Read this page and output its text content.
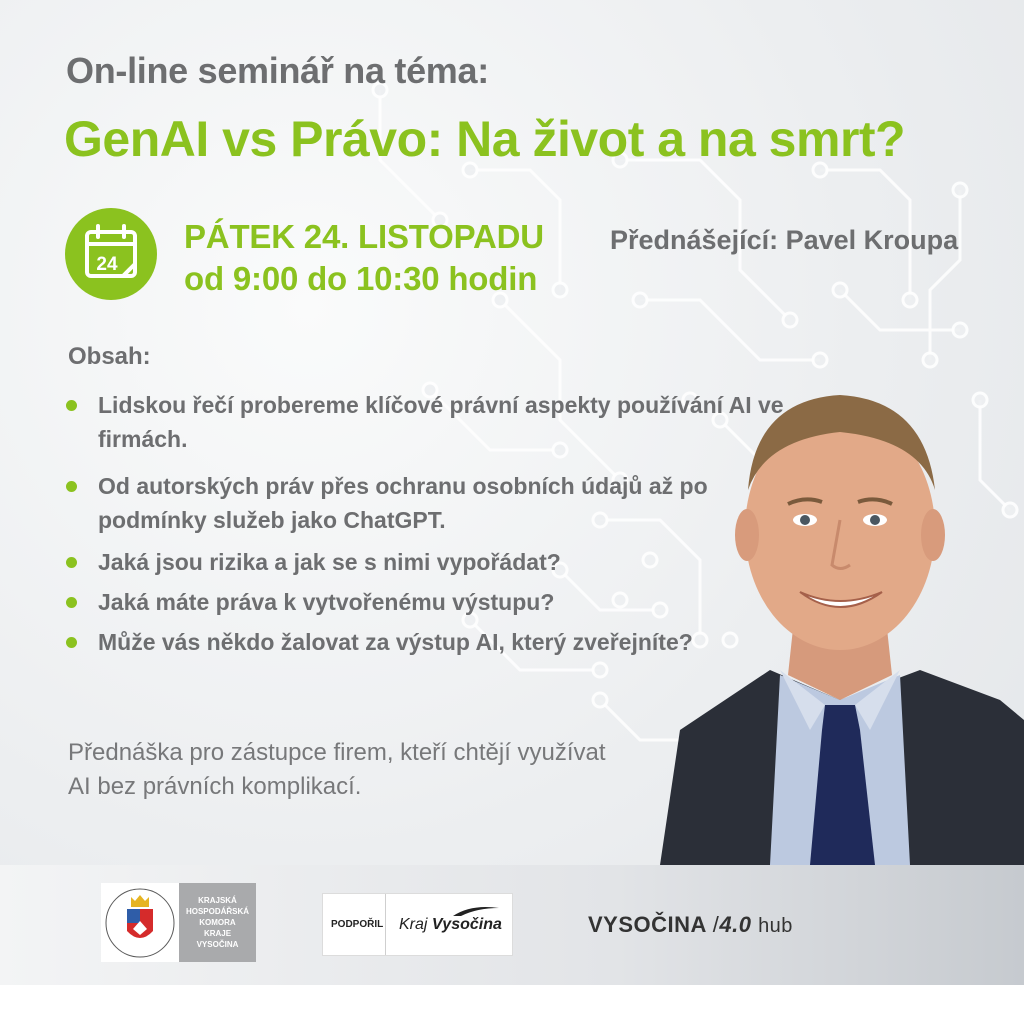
On-line seminář na téma:
GenAI vs Právo: Na život a na smrt?
24
PÁTEK 24. LISTOPADU
od 9:00 do 10:30 hodin
Přednášející: Pavel Kroupa
Obsah:
Lidskou řečí probereme klíčové právní aspekty používání AI ve firmách.
Od autorských práv přes ochranu osobních údajů až po podmínky služeb jako ChatGPT.
Jaká jsou rizika a jak se s nimi vypořádat?
Jaká máte práva k vytvořenému výstupu?
Může vás někdo žalovat za výstup AI, který zveřejníte?
Přednáška pro zástupce firem, kteří chtějí využívat AI bez právních komplikací.
KRAJSKÁ
HOSPODÁŘSKÁ
KOMORA
KRAJE
VYSOČINA
PODPOŘIL Kraj Vysočina	VYSOČINA /4.0 hub
